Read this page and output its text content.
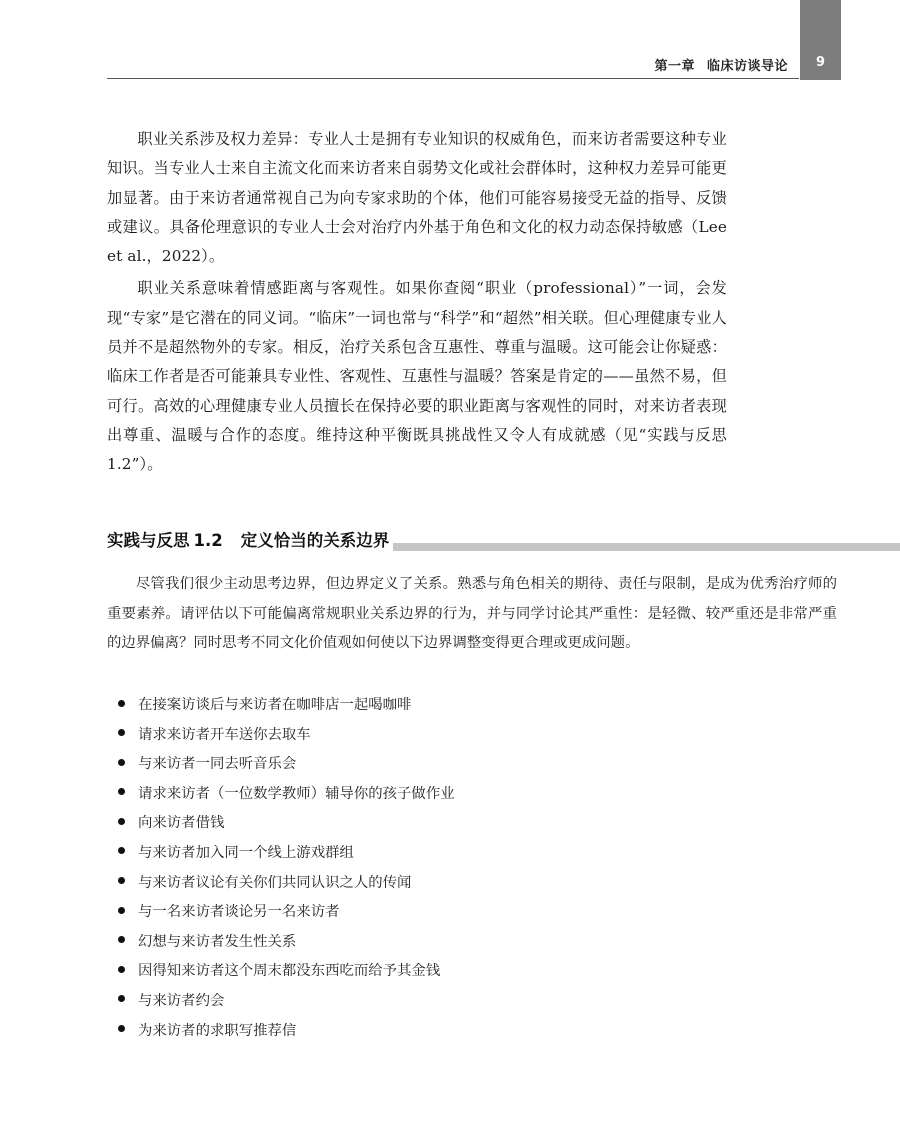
第一章 临床访谈导论	9

职业关系涉及权力差异：专业人士是拥有专业知识的权威角色，而来访者需要这种专业知识。当专业人士来自主流文化而来访者来自弱势文化或社会群体时，这种权力差异可能更加显著。由于来访者通常视自己为向专家求助的个体，他们可能容易接受无益的指导、反馈或建议。具备伦理意识的专业人士会对治疗内外基于角色和文化的权力动态保持敏感（Lee et al.，2022）。

职业关系意味着情感距离与客观性。如果你查阅“职业（professional）”一词，会发现“专家”是它潜在的同义词。“临床”一词也常与“科学”和“超然”相关联。但心理健康专业人员并不是超然物外的专家。相反，治疗关系包含互惠性、尊重与温暖。这可能会让你疑惑：临床工作者是否可能兼具专业性、客观性、互惠性与温暖？答案是肯定的——虽然不易，但可行。高效的心理健康专业人员擅长在保持必要的职业距离与客观性的同时，对来访者表现出尊重、温暖与合作的态度。维持这种平衡既具挑战性又令人有成就感（见“实践与反思 1.2”）。

实践与反思 1.2 定义恰当的关系边界

尽管我们很少主动思考边界，但边界定义了关系。熟悉与角色相关的期待、责任与限制，是成为优秀治疗师的重要素养。请评估以下可能偏离常规职业关系边界的行为，并与同学讨论其严重性：是轻微、较严重还是非常严重的边界偏离？同时思考不同文化价值观如何使以下边界调整变得更合理或更成问题。

在接案访谈后与来访者在咖啡店一起喝咖啡
请求来访者开车送你去取车
与来访者一同去听音乐会
请求来访者（一位数学教师）辅导你的孩子做作业
向来访者借钱
与来访者加入同一个线上游戏群组
与来访者议论有关你们共同认识之人的传闻
与一名来访者谈论另一名来访者
幻想与来访者发生性关系
因得知来访者这个周末都没东西吃而给予其金钱
与来访者约会
为来访者的求职写推荐信
